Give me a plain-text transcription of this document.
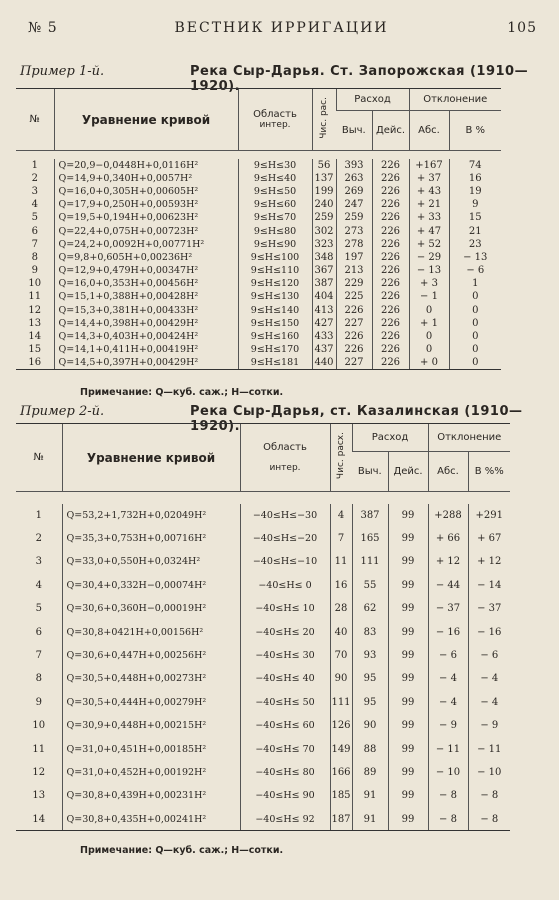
№ 5	ВЕСТНИК ИРРИГАЦИИ	105
Пример 1-й.	Река Сыр-Дарья. Ст. Запорожская (1910—1920).
№	Уравнение кривой	Область
интер.	Чис. рас.	Расход		Отклонение	
				Выч.	Дейс.	Абс.	В %

1	Q=20,9−0,0448Н+0,0116Н²	9≤Н≤30	56	393	226	+167	74
2	Q=14,9+0,340Н+0,0057Н²	9≤Н≤40	137	263	226	+ 37	16
3	Q=16,0+0,305Н+0,00605Н²	9≤Н≤50	199	269	226	+ 43	19
4	Q=17,9+0,250Н+0,00593Н²	9≤Н≤60	240	247	226	+ 21	9
5	Q=19,5+0,194Н+0,00623Н²	9≤Н≤70	259	259	226	+ 33	15
6	Q=22,4+0,075Н+0,00723Н²	9≤Н≤80	302	273	226	+ 47	21
7	Q=24,2+0,0092Н+0,00771Н²	9≤Н≤90	323	278	226	+ 52	23
8	Q=9,8+0,605Н+0,00236Н²	9≤Н≤100	348	197	226	− 29	− 13
9	Q=12,9+0,479Н+0,00347Н²	9≤Н≤110	367	213	226	− 13	− 6
10	Q=16,0+0,353Н+0,00456Н²	9≤Н≤120	387	229	226	+ 3	1
11	Q=15,1+0,388Н+0,00428Н²	9≤Н≤130	404	225	226	− 1	0
12	Q=15,3+0,381Н+0,00433Н²	9≤Н≤140	413	226	226	0	0
13	Q=14,4+0,398Н+0,00429Н²	9≤Н≤150	427	227	226	+ 1	0
14	Q=14,3+0,403Н+0,00424Н²	9≤Н≤160	433	226	226	0	0
15	Q=14,1+0,411Н+0,00419Н²	9≤Н≤170	437	226	226	0	0
16	Q=14,5+0,397Н+0,00429Н²	9≤Н≤181	440	227	226	+ 0	0
Примечание: Q—куб. саж.; Н—сотки.
Пример 2-й.	Река Сыр-Дарья, ст. Казалинская (1910—1920).
№	Уравнение кривой	Область
интер.	Чис. расх.	Расход		Отклонение	
				Выч.	Дейс.	Абс.	В %%

1	Q=53,2+1,732Н+0,02049Н²	−40≤Н≤−30	4	387	99	+288	+291
2	Q=35,3+0,753Н+0,00716Н²	−40≤Н≤−20	7	165	99	+ 66	+ 67
3	Q=33,0+0,550Н+0,0324Н²	−40≤Н≤−10	11	111	99	+ 12	+ 12
4	Q=30,4+0,332Н−0,00074Н²	−40≤Н≤ 0	16	55	99	− 44	− 14
5	Q=30,6+0,360Н−0,00019Н²	−40≤Н≤ 10	28	62	99	− 37	− 37
6	Q=30,8+0421Н+0,00156Н²	−40≤Н≤ 20	40	83	99	− 16	− 16
7	Q=30,6+0,447Н+0,00256Н²	−40≤Н≤ 30	70	93	99	− 6	− 6
8	Q=30,5+0,448Н+0,00273Н²	−40≤Н≤ 40	90	95	99	− 4	− 4
9	Q=30,5+0,444Н+0,00279Н²	−40≤Н≤ 50	111	95	99	− 4	− 4
10	Q=30,9+0,448Н+0,00215Н²	−40≤Н≤ 60	126	90	99	− 9	− 9
11	Q=31,0+0,451Н+0,00185Н²	−40≤Н≤ 70	149	88	99	− 11	− 11
12	Q=31,0+0,452Н+0,00192Н²	−40≤Н≤ 80	166	89	99	− 10	− 10
13	Q=30,8+0,439Н+0,00231Н²	−40≤Н≤ 90	185	91	99	− 8	− 8
14	Q=30,8+0,435Н+0,00241Н²	−40≤Н≤ 92	187	91	99	− 8	− 8
Примечание: Q—куб. саж.; Н—сотки.
